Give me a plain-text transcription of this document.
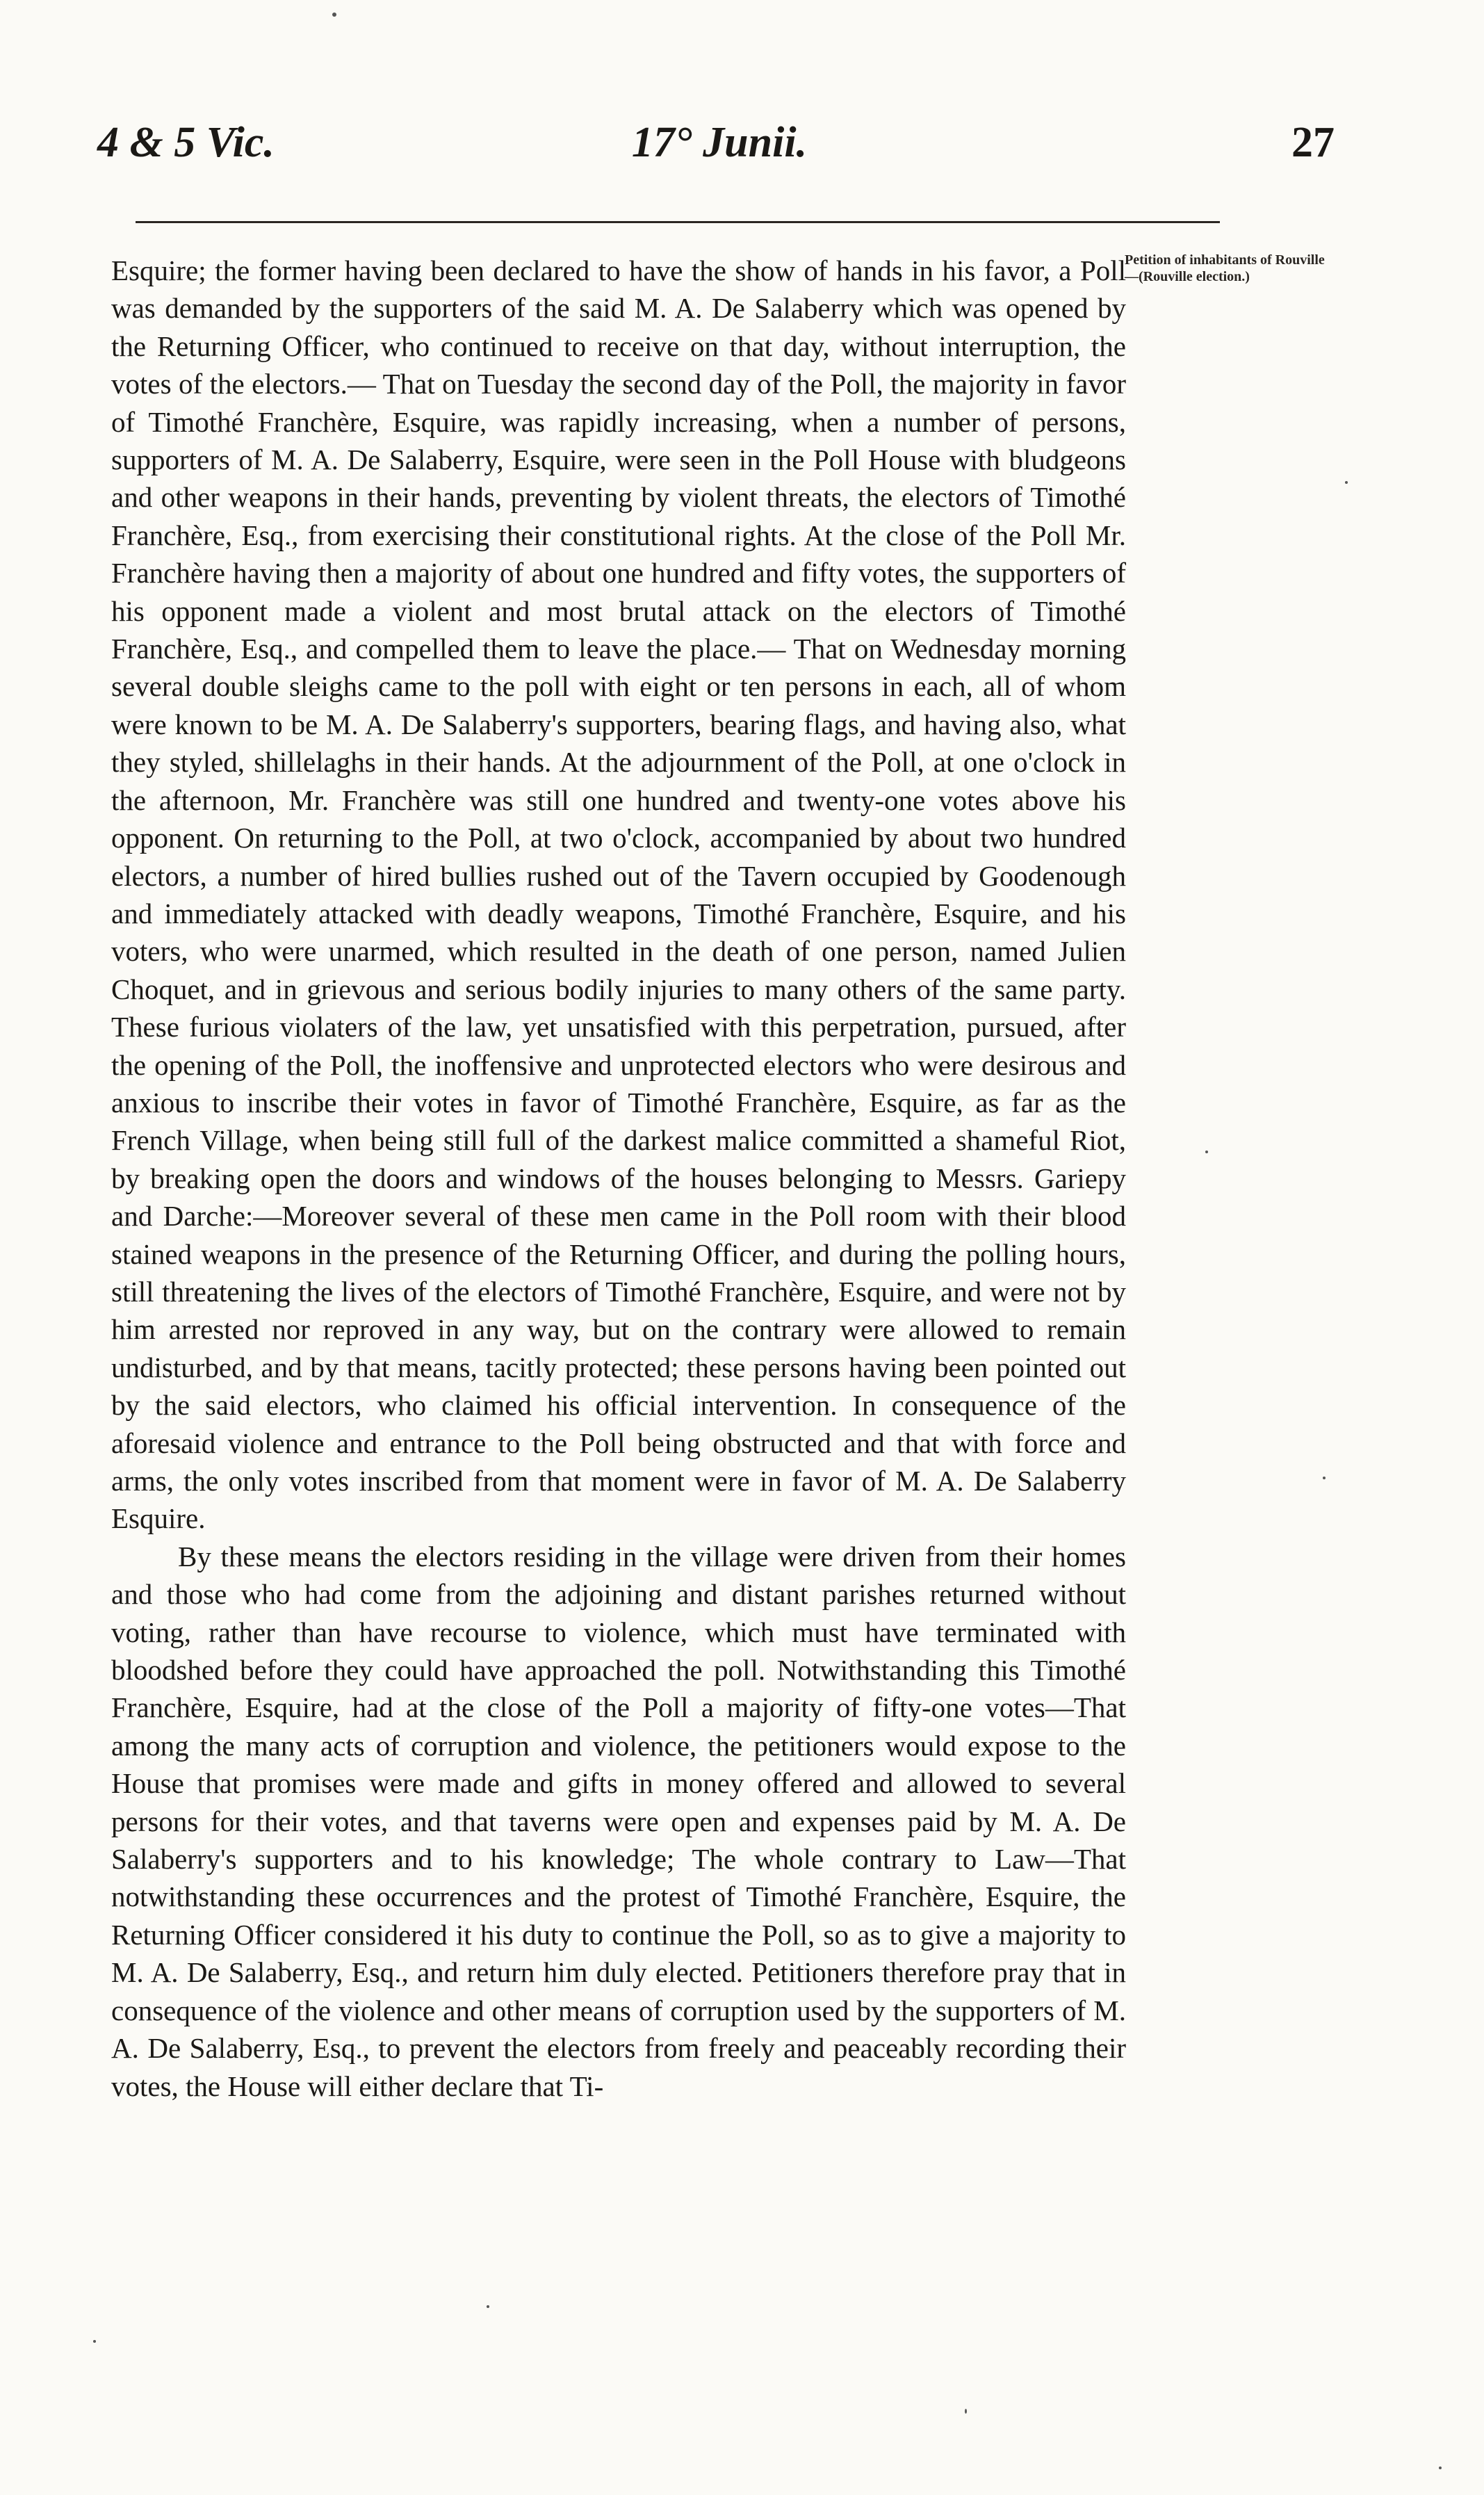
4 & 5 Vic.	17° Junii.	27
Petition of inhabitants of Rouville—(Rouville election.)

Esquire; the former having been declared to have the show of hands in his favor, a Poll was demanded by the supporters of the said M. A. De Salaberry which was opened by the Returning Officer, who continued to receive on that day, without interruption, the votes of the electors.— That on Tuesday the second day of the Poll, the majority in favor of Timothé Franchère, Esquire, was rapidly increasing, when a number of persons, supporters of M. A. De Salaberry, Esquire, were seen in the Poll House with bludgeons and other weapons in their hands, preventing by violent threats, the electors of Timothé Franchère, Esq., from exercising their constitutional rights. At the close of the Poll Mr. Franchère having then a majority of about one hundred and fifty votes, the supporters of his opponent made a violent and most brutal attack on the electors of Timothé Franchère, Esq., and compelled them to leave the place.— That on Wednesday morning several double sleighs came to the poll with eight or ten persons in each, all of whom were known to be M. A. De Salaberry's supporters, bearing flags, and having also, what they styled, shillelaghs in their hands. At the adjournment of the Poll, at one o'clock in the afternoon, Mr. Franchère was still one hundred and twenty-one votes above his opponent. On returning to the Poll, at two o'clock, accompanied by about two hundred electors, a number of hired bullies rushed out of the Tavern occupied by Goodenough and immediately attacked with deadly weapons, Timothé Franchère, Esquire, and his voters, who were unarmed, which resulted in the death of one person, named Julien Choquet, and in grievous and serious bodily injuries to many others of the same party. These furious violaters of the law, yet unsatisfied with this perpetration, pursued, after the opening of the Poll, the inoffensive and unprotected electors who were desirous and anxious to inscribe their votes in favor of Timothé Franchère, Esquire, as far as the French Village, when being still full of the darkest malice committed a shameful Riot, by breaking open the doors and windows of the houses belonging to Messrs. Gariepy and Darche:—Moreover several of these men came in the Poll room with their blood stained weapons in the presence of the Returning Officer, and during the polling hours, still threatening the lives of the electors of Timothé Franchère, Esquire, and were not by him arrested nor reproved in any way, but on the contrary were allowed to remain undisturbed, and by that means, tacitly protected; these persons having been pointed out by the said electors, who claimed his official intervention. In consequence of the aforesaid violence and entrance to the Poll being obstructed and that with force and arms, the only votes inscribed from that moment were in favor of M. A. De Salaberry Esquire.

By these means the electors residing in the village were driven from their homes and those who had come from the adjoining and distant parishes returned without voting, rather than have recourse to violence, which must have terminated with bloodshed before they could have approached the poll. Notwithstanding this Timothé Franchère, Esquire, had at the close of the Poll a majority of fifty-one votes—That among the many acts of corruption and violence, the petitioners would expose to the House that promises were made and gifts in money offered and allowed to several persons for their votes, and that taverns were open and expenses paid by M. A. De Salaberry's supporters and to his knowledge; The whole contrary to Law—That notwithstanding these occurrences and the protest of Timothé Franchère, Esquire, the Returning Officer considered it his duty to continue the Poll, so as to give a majority to M. A. De Salaberry, Esq., and return him duly elected. Petitioners therefore pray that in consequence of the violence and other means of corruption used by the supporters of M. A. De Salaberry, Esq., to prevent the electors from freely and peaceably recording their votes, the House will either declare that Ti-
